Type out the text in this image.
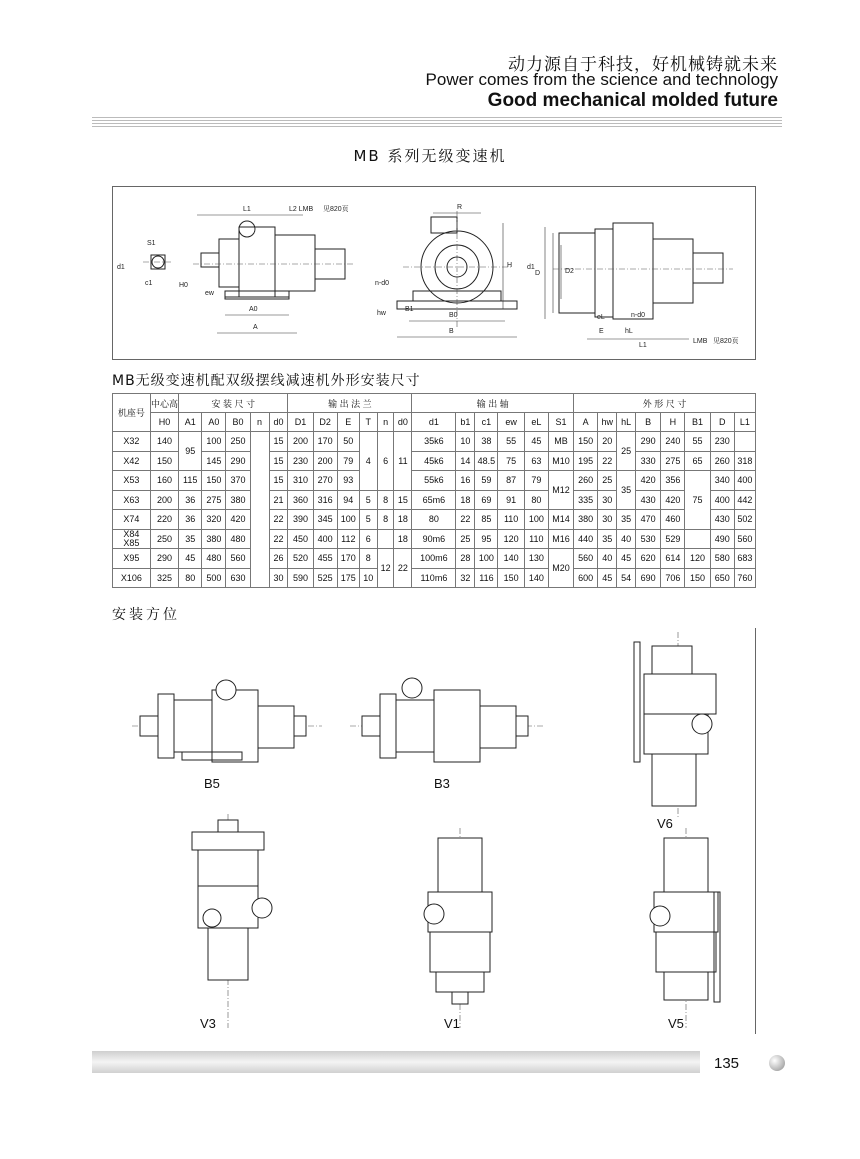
动力源自于科技，好机械铸就未来
Power comes from the science and technology
Good mechanical molded future
MB 系列无级变速机
S1
d1
c1
L1	L2 LMB 见820页
H0
ew
A0
A
R
H
n-d0
hw
B1
B0
B
D
d1
D2
eL
E	hL
n-d0
L1
LMB 见820页
MB无级变速机配双级摆线减速机外形安装尺寸
机座号	中心高	安 装 尺 寸					输 出 法 兰						输 出 轴						外 形 尺 寸							
	H0	A1	A0	B0	n	d0	D1	D2	E	T	n	d0	d1	b1	c1	ew	eL	S1	A	hw	hL	B	H	B1	D	L1
X32	140	95	100	250		15	200	170	50	4	6	11	35k6	10	38	55	45	MB	150	20	25	290	240	55	230	
X42	150		145	290		15	230	200	79				45k6	14	48.5	75	63	M10	195	22		330	275	65	260	318
X53	160	115	150	370		15	310	270	93				55k6	16	59	87	79	M12	260	25	35	420	356	75	340	400
X63	200	36	275	380		21	360	316	94	5	8	15	65m6	18	69	91	80		335	30		430	420		400	442
X74	220	36	320	420		22	390	345	100	5	8	18	80	22	85	110	100	M14	380	30	35	470	460		430	502
X84
X85	250	35	380	480		22	450	400	112	6		18	90m6	25	95	120	110	M16	440	35	40	530	529		490	560
X95	290	45	480	560		26	520	455	170	8	12	22	100m6	28	100	140	130	M20	560	40	45	620	614	120	580	683
X106	325	80	500	630		30	590	525	175	10			110m6	32	116	150	140		600	45	54	690	706	150	650	760
安装方位
B5	B3
V6
V3	V1	V5
135
